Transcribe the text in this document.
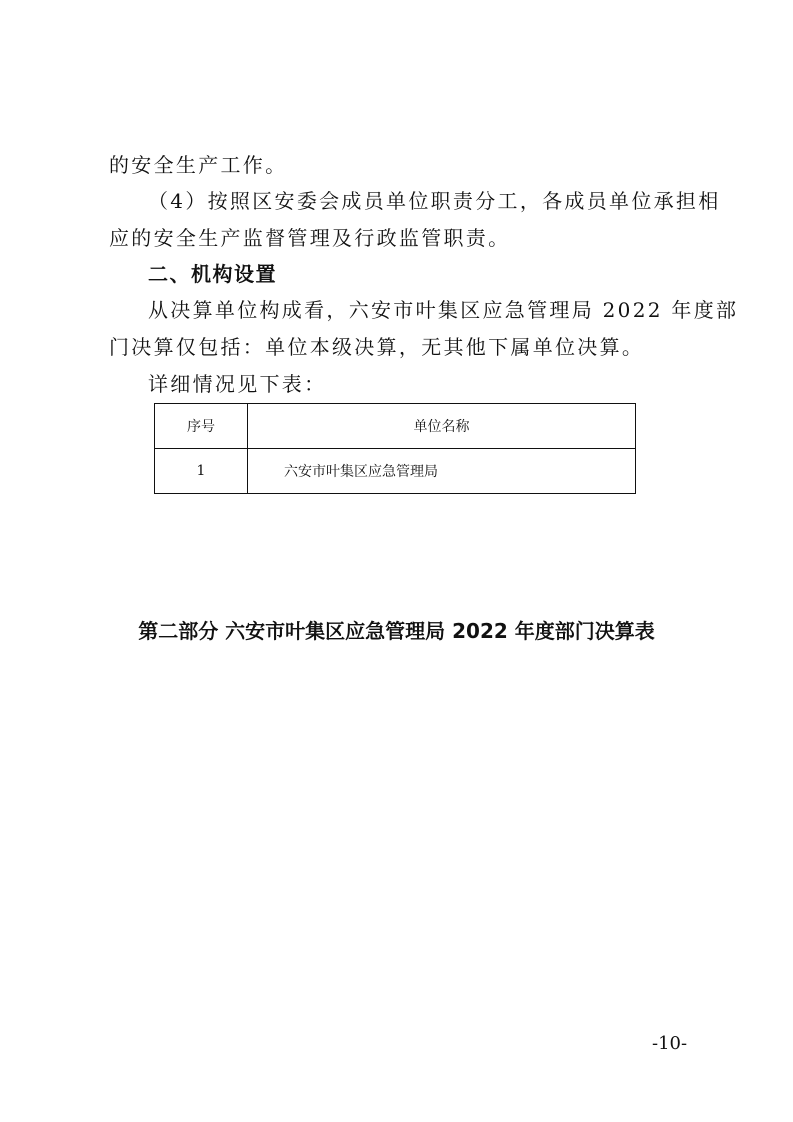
的安全生产工作。
（4）按照区安委会成员单位职责分工，各成员单位承担相
应的安全生产监督管理及行政监管职责。
二、机构设置
从决算单位构成看，六安市叶集区应急管理局 2022 年度部
门决算仅包括：单位本级决算，无其他下属单位决算。
详细情况见下表：
序号	单位名称
1	六安市叶集区应急管理局
第二部分 六安市叶集区应急管理局 2022 年度部门决算表
-10-
